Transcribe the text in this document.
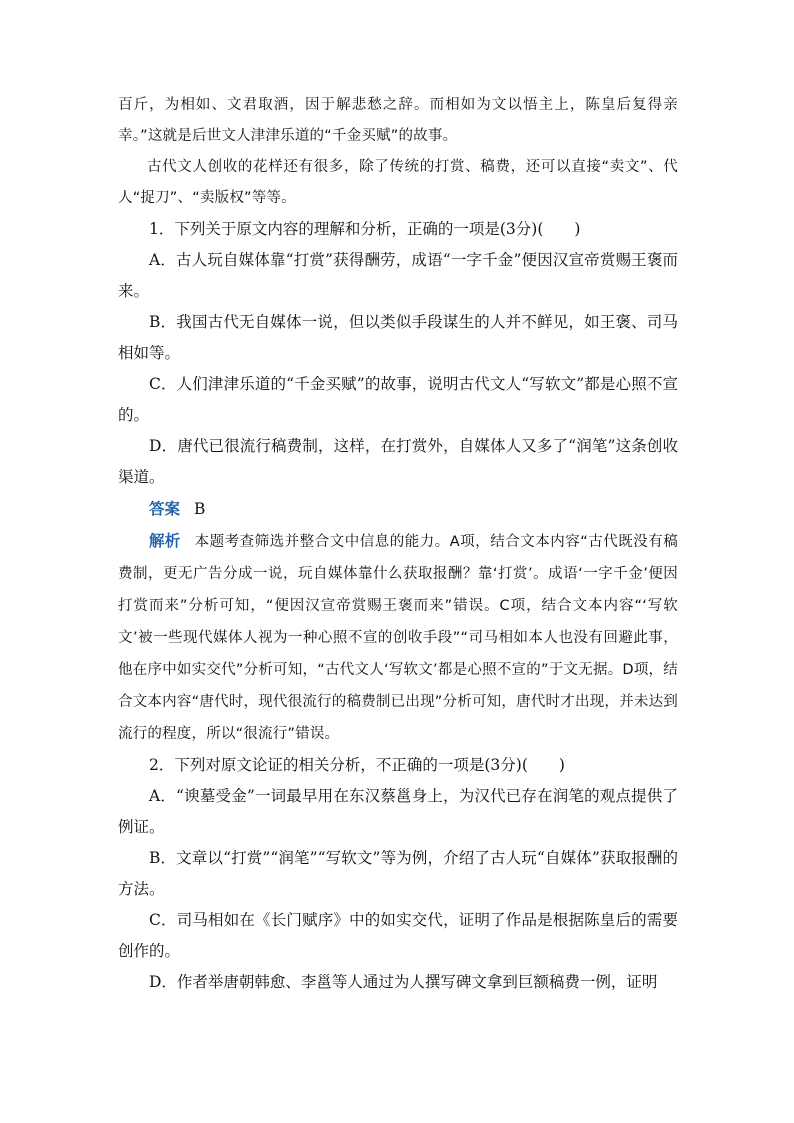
百斤，为相如、文君取酒，因于解悲愁之辞。而相如为文以悟主上，陈皇后复得亲幸。”这就是后世文人津津乐道的“千金买赋”的故事。

古代文人创收的花样还有很多，除了传统的打赏、稿费，还可以直接“卖文”、代人“捉刀”、“卖版权”等等。

1．下列关于原文内容的理解和分析，正确的一项是(3分)(　　)

A．古人玩自媒体靠“打赏”获得酬劳，成语“一字千金”便因汉宣帝赏赐王褒而来。

B．我国古代无自媒体一说，但以类似手段谋生的人并不鲜见，如王褒、司马相如等。

C．人们津津乐道的“千金买赋”的故事，说明古代文人“写软文”都是心照不宣的。

D．唐代已很流行稿费制，这样，在打赏外，自媒体人又多了“润笔”这条创收渠道。

答案 B

解析 本题考查筛选并整合文中信息的能力。A项，结合文本内容“古代既没有稿费制，更无广告分成一说，玩自媒体靠什么获取报酬？靠‘打赏’。成语‘一字千金’便因打赏而来”分析可知，“便因汉宣帝赏赐王褒而来”错误。C项，结合文本内容“‘写软文’被一些现代媒体人视为一种心照不宣的创收手段”“司马相如本人也没有回避此事，他在序中如实交代”分析可知，“古代文人‘写软文’都是心照不宣的”于文无据。D项，结合文本内容“唐代时，现代很流行的稿费制已出现”分析可知，唐代时才出现，并未达到流行的程度，所以“很流行”错误。

2．下列对原文论证的相关分析，不正确的一项是(3分)(　　)

A．“谀墓受金”一词最早用在东汉蔡邕身上，为汉代已存在润笔的观点提供了例证。

B．文章以“打赏”“润笔”“写软文”等为例，介绍了古人玩“自媒体”获取报酬的方法。

C．司马相如在《长门赋序》中的如实交代，证明了作品是根据陈皇后的需要创作的。

D．作者举唐朝韩愈、李邕等人通过为人撰写碑文拿到巨额稿费一例，证明
